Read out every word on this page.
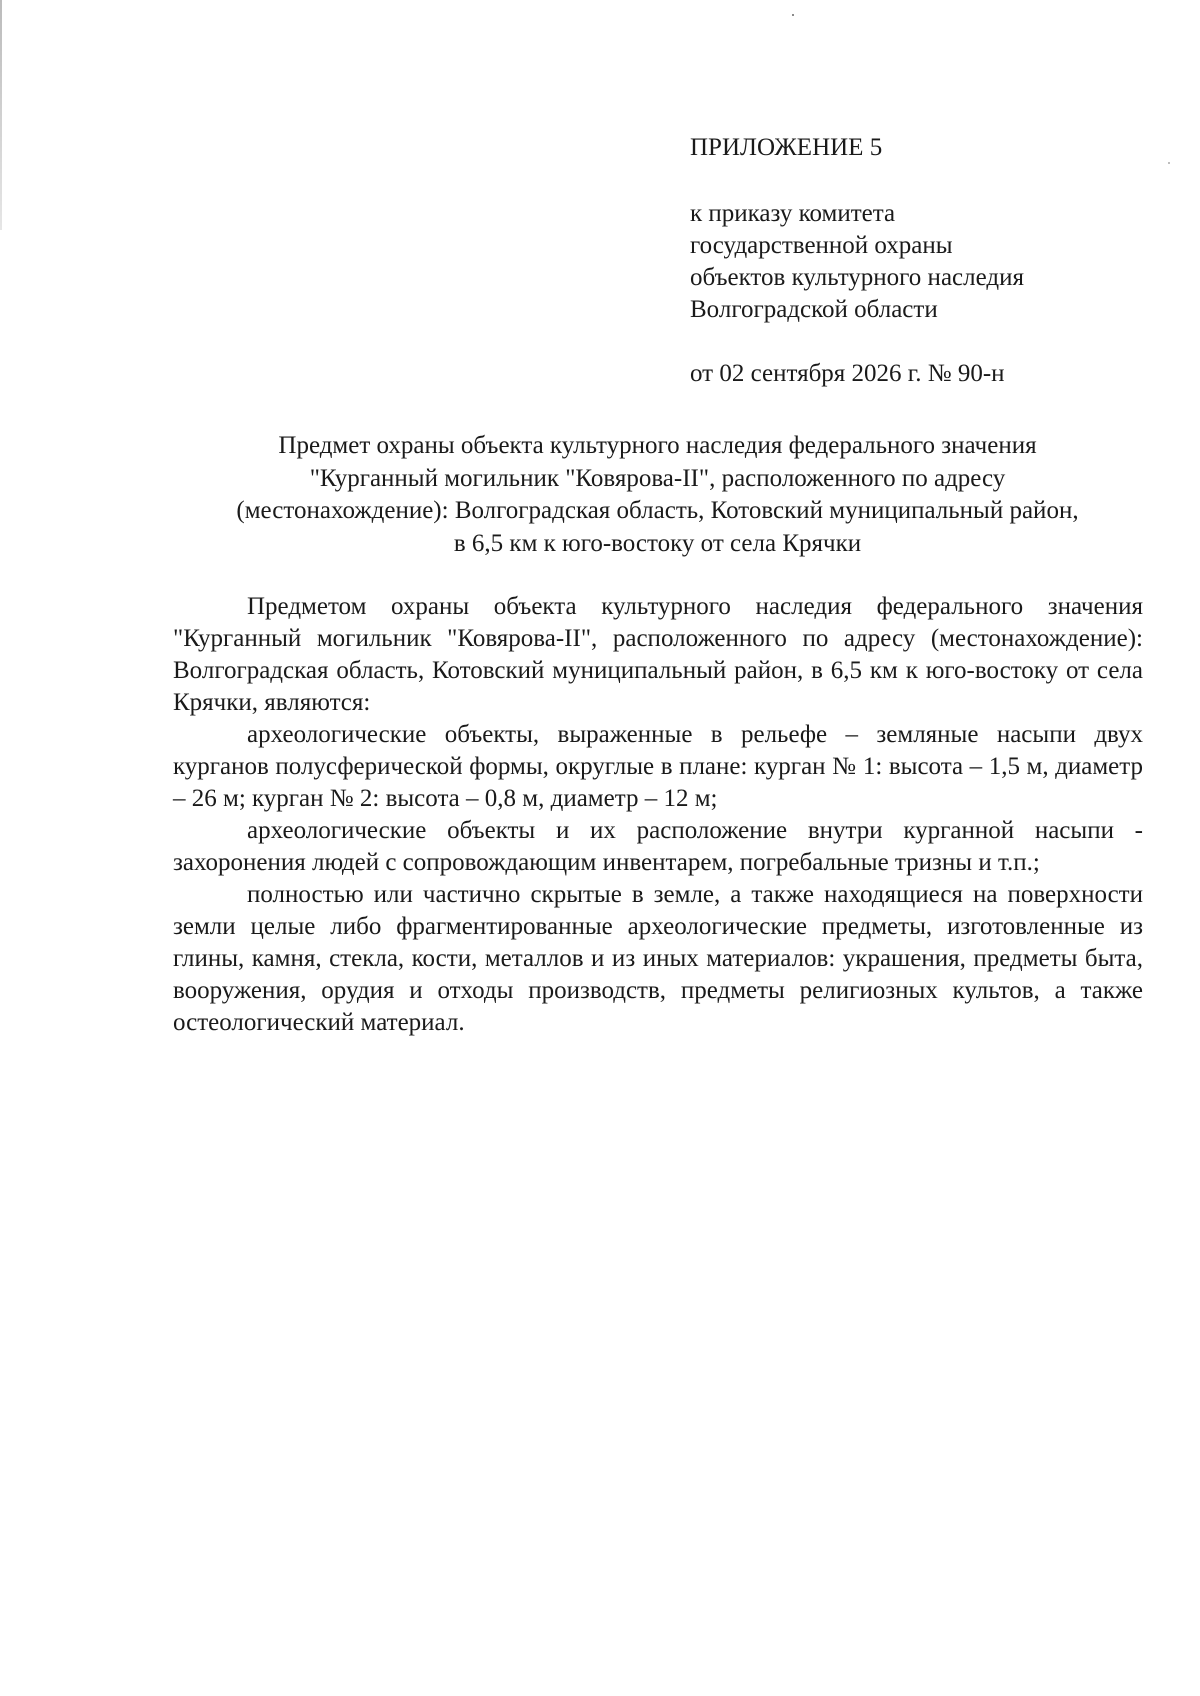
ПРИЛОЖЕНИЕ 5
к приказу комитета
государственной охраны
объектов культурного наследия
Волгоградской области
от 02 сентября 2026 г. № 90-н
Предмет охраны объекта культурного наследия федерального значения
"Курганный могильник "Ковярова-II", расположенного по адресу
(местонахождение): Волгоградская область, Котовский муниципальный район,
в 6,5 км к юго-востоку от села Крячки

Предметом охраны объекта культурного наследия федерального значения "Курганный могильник "Ковярова-II", расположенного по адресу (местонахождение): Волгоградская область, Котовский муниципальный район, в 6,5 км к юго-востоку от села Крячки, являются:

археологические объекты, выраженные в рельефе – земляные насыпи двух курганов полусферической формы, округлые в плане: курган № 1: высота – 1,5 м, диаметр – 26 м; курган № 2: высота – 0,8 м, диаметр – 12 м;

археологические объекты и их расположение внутри курганной насыпи - захоронения людей с сопровождающим инвентарем, погребальные тризны и т.п.;

полностью или частично скрытые в земле, а также находящиеся на поверхности земли целые либо фрагментированные археологические предметы, изготовленные из глины, камня, стекла, кости, металлов и из иных материалов: украшения, предметы быта, вооружения, орудия и отходы производств, предметы религиозных культов, а также остеологический материал.
